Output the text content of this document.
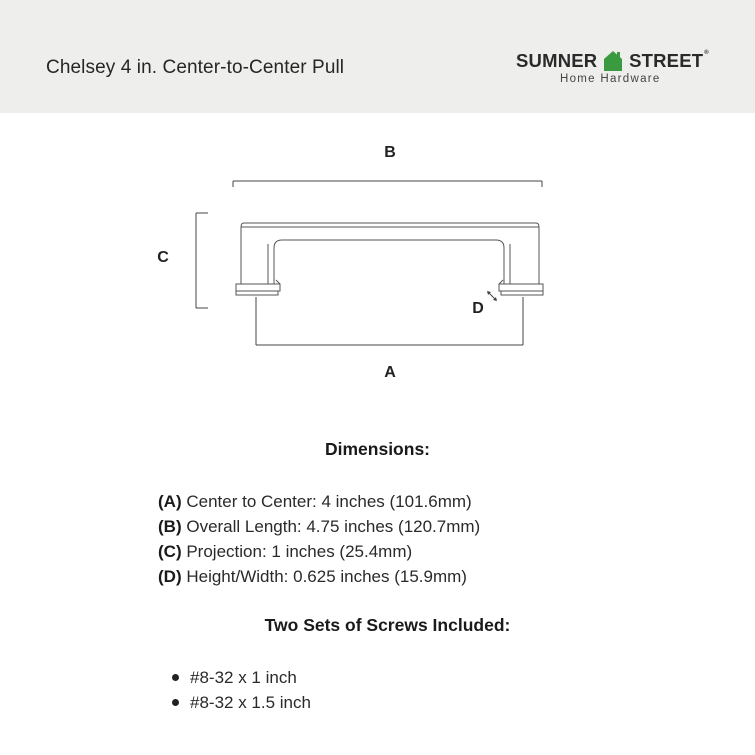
Chelsey 4 in. Center-to-Center Pull	SUMNER STREET®
Home Hardware
B
C
D
A
Dimensions:
(A) Center to Center: 4 inches (101.6mm)
(B) Overall Length: 4.75 inches (120.7mm)
(C) Projection: 1 inches (25.4mm)
(D) Height/Width: 0.625 inches (15.9mm)
Two Sets of Screws Included:
#8-32 x 1 inch
#8-32 x 1.5 inch
